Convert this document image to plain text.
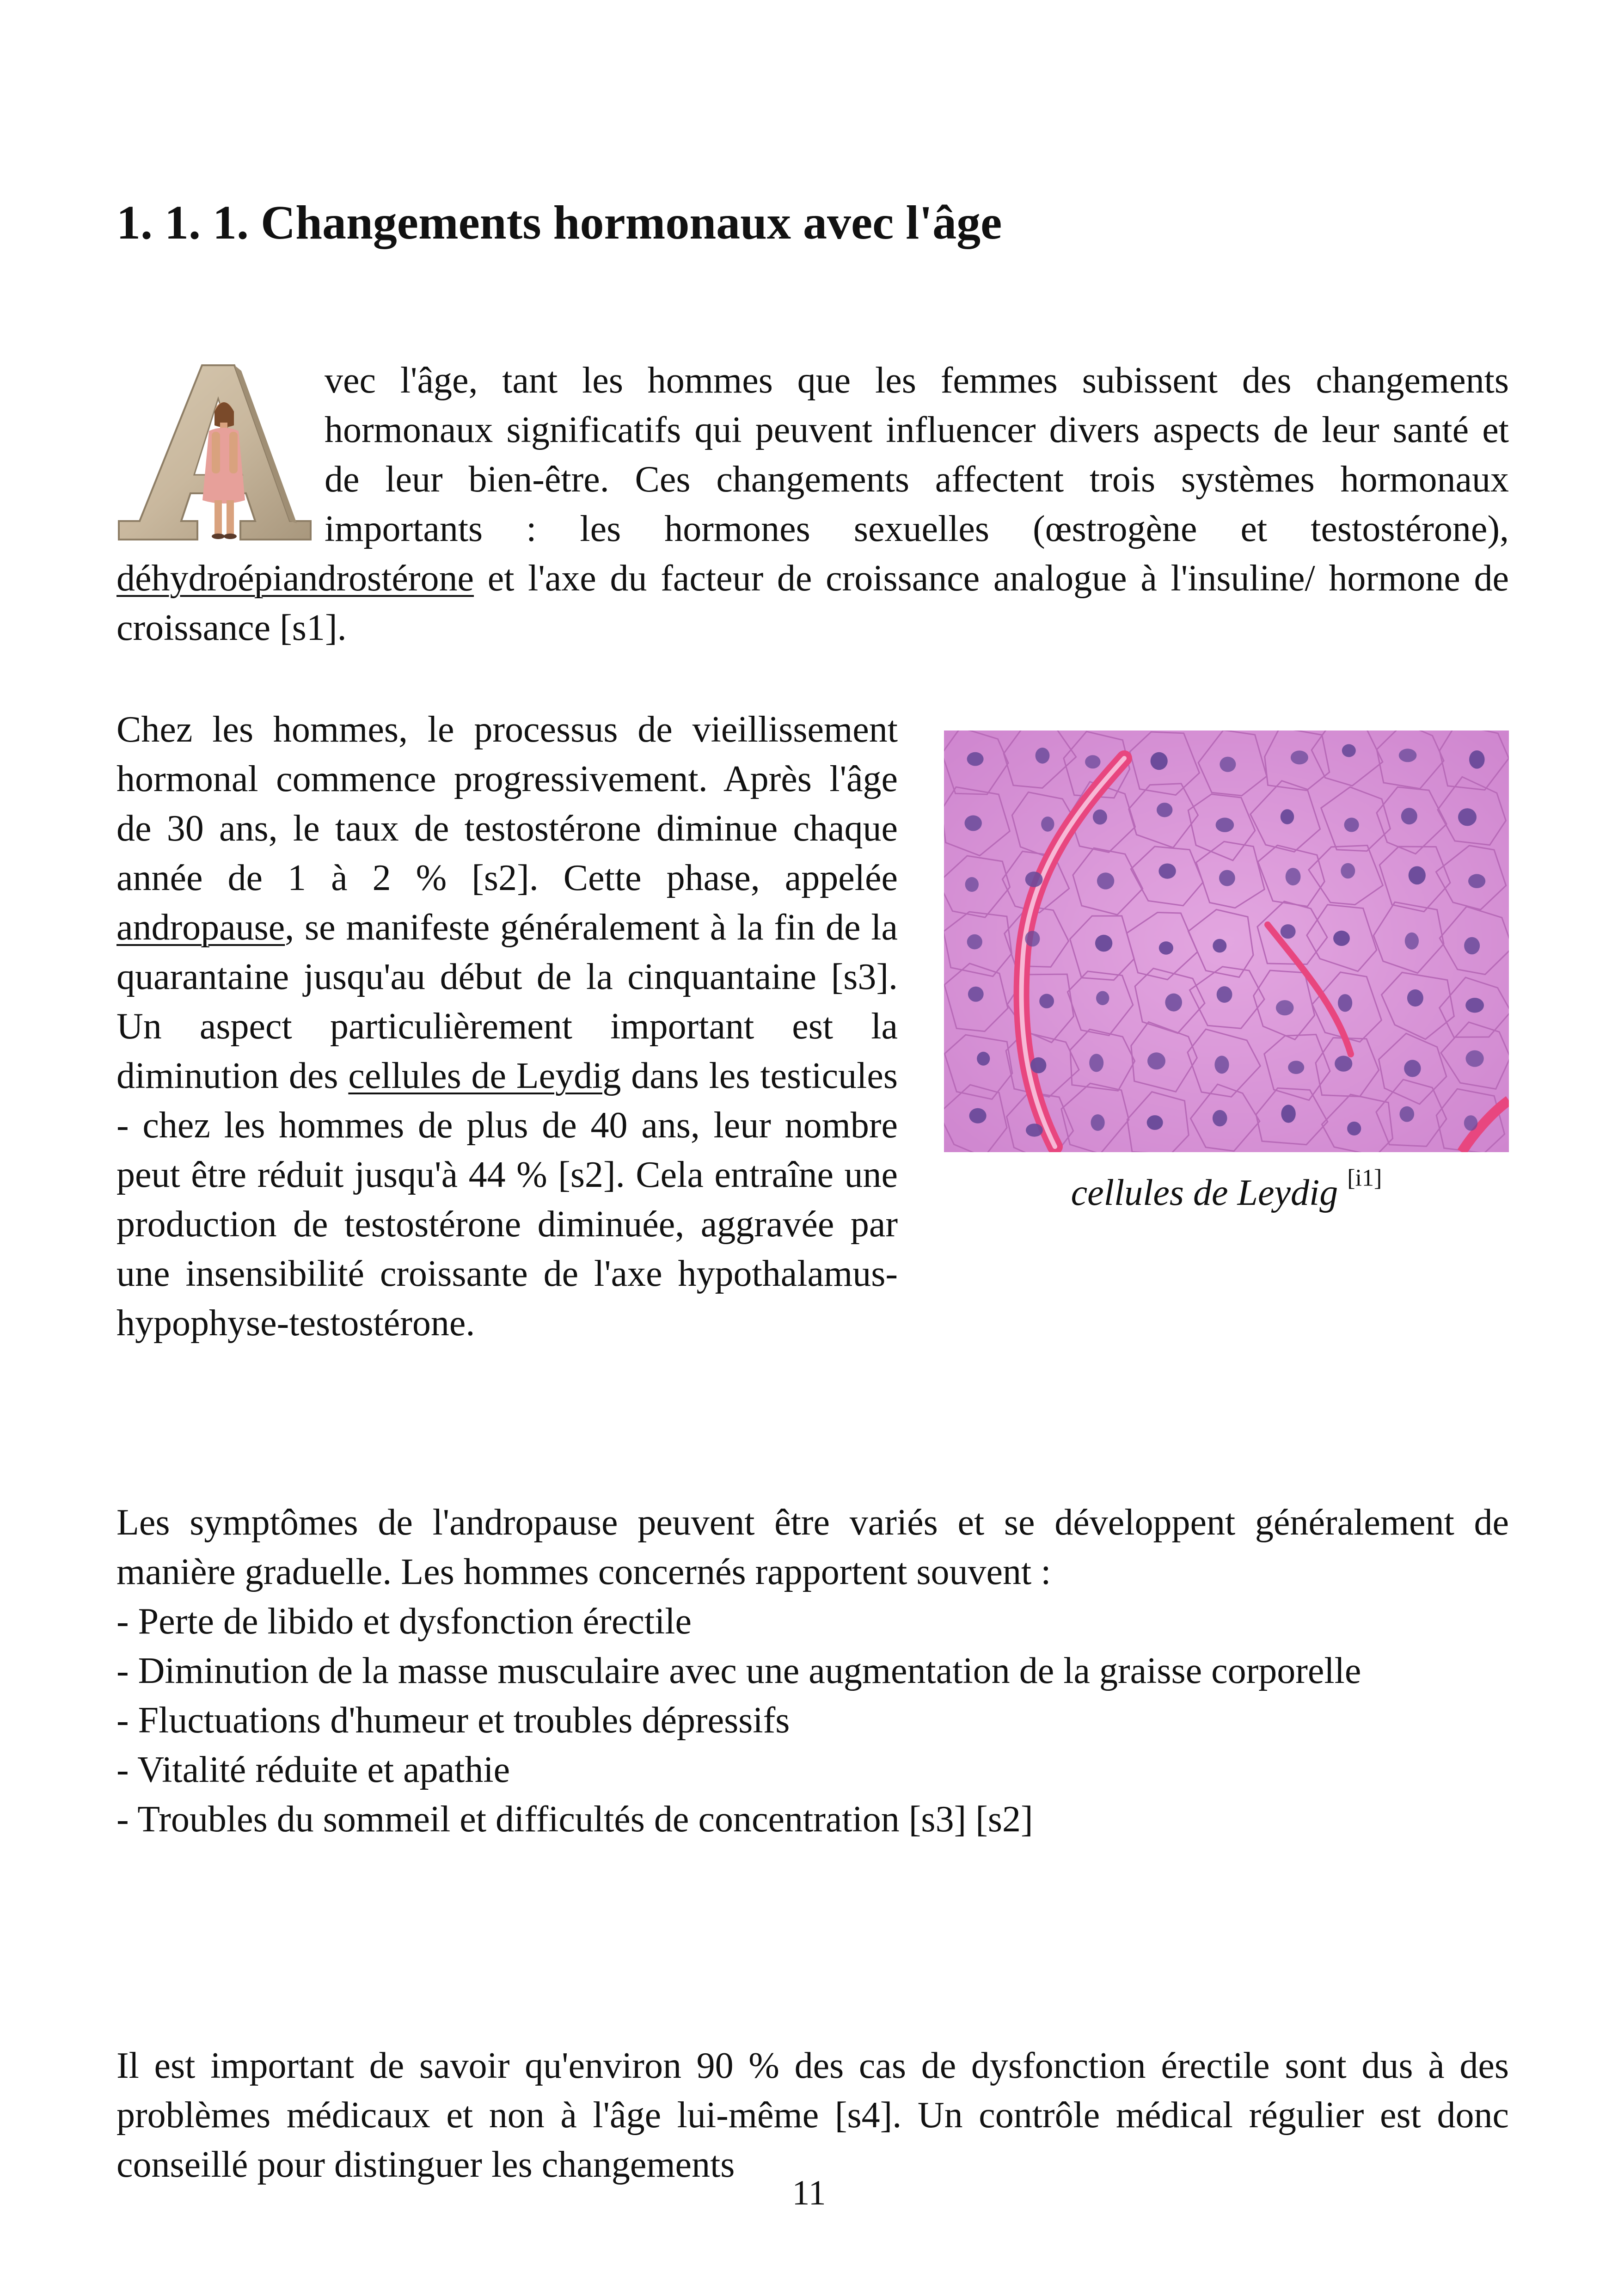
1. 1. 1. Changements hormonaux avec l'âge
vec l'âge, tant les hommes que les femmes subissent des changements hormonaux significatifs qui peuvent influencer divers aspects de leur santé et de leur bien-être. Ces changements affectent trois systèmes hormonaux importants : les hormones sexuelles (œstrogène et testostérone), déhydroépiandrostérone et l'axe du facteur de croissance analogue à l'insuline/ hormone de croissance [s1].
cellules de Leydig [i1]
Chez les hommes, le processus de vieillissement hormonal commence progressivement. Après l'âge de 30 ans, le taux de testostérone diminue chaque année de 1 à 2 % [s2]. Cette phase, appelée andropause, se manifeste généralement à la fin de la quarantaine jusqu'au début de la cinquantaine [s3]. Un aspect particulièrement important est la diminution des cellules de Leydig dans les testicules - chez les hommes de plus de 40 ans, leur nombre peut être réduit jusqu'à 44 % [s2]. Cela entraîne une production de testostérone diminuée, aggravée par une insensibilité croissante de l'axe hypothalamus-hypophyse-testostérone.

Les symptômes de l'andropause peuvent être variés et se développent généralement de manière graduelle. Les hommes concernés rapportent souvent :

- Perte de libido et dysfonction érectile

- Diminution de la masse musculaire avec une augmentation de la graisse corporelle

- Fluctuations d'humeur et troubles dépressifs

- Vitalité réduite et apathie

- Troubles du sommeil et difficultés de concentration [s3] [s2]

Il est important de savoir qu'environ 90 % des cas de dysfonction érectile sont dus à des problèmes médicaux et non à l'âge lui-même [s4]. Un contrôle médical régulier est donc conseillé pour distinguer les changements
11
